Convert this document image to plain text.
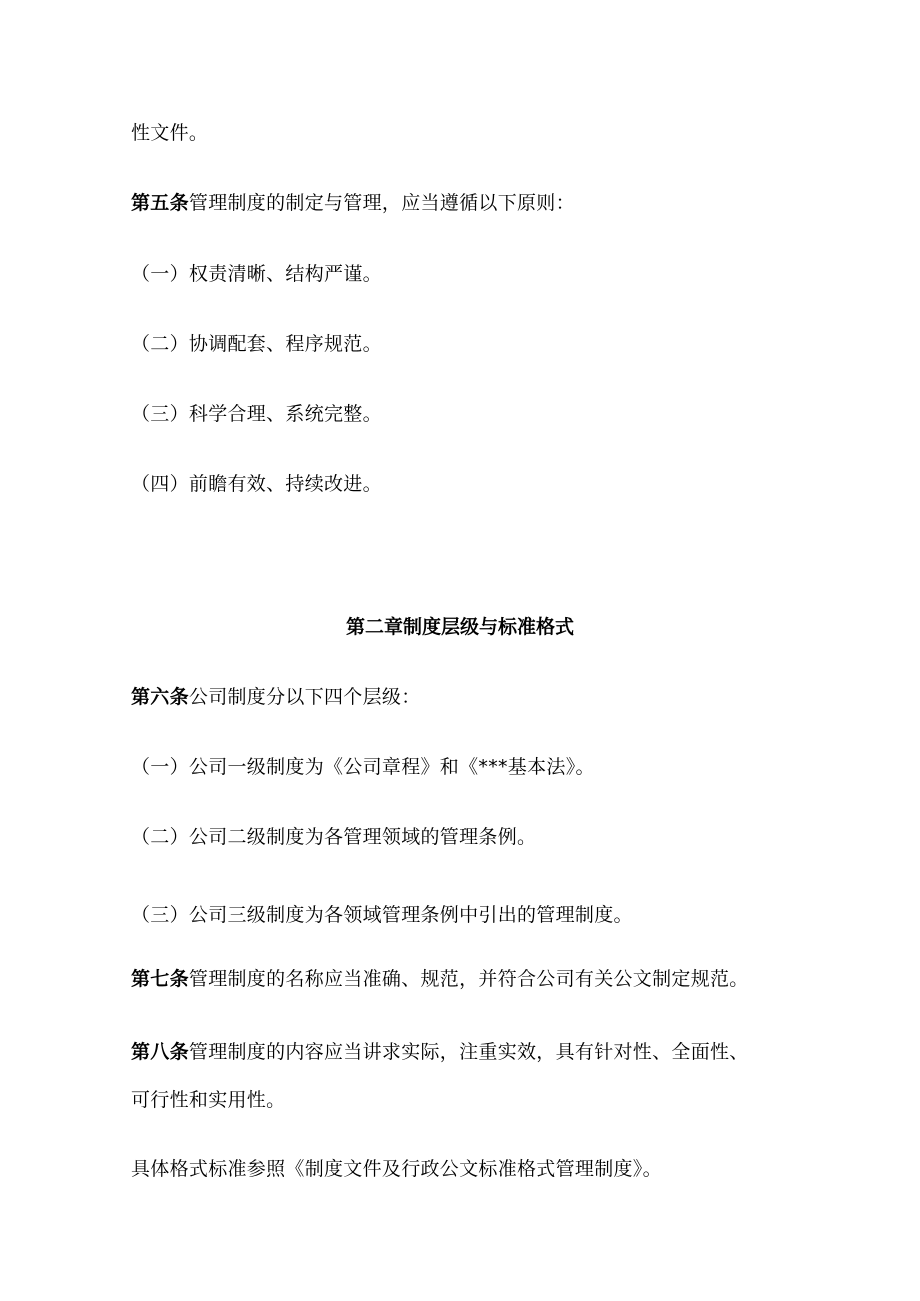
性文件。
第五条管理制度的制定与管理，应当遵循以下原则：
（一）权责清晰、结构严谨。
（二）协调配套、程序规范。
（三）科学合理、系统完整。
（四）前瞻有效、持续改进。
第二章制度层级与标准格式
第六条公司制度分以下四个层级：
（一）公司一级制度为《公司章程》和《***基本法》。
（二）公司二级制度为各管理领域的管理条例。
（三）公司三级制度为各领域管理条例中引出的管理制度。
第七条管理制度的名称应当准确、规范，并符合公司有关公文制定规范。
第八条管理制度的内容应当讲求实际，注重实效，具有针对性、全面性、
可行性和实用性。
具体格式标准参照《制度文件及行政公文标准格式管理制度》。
